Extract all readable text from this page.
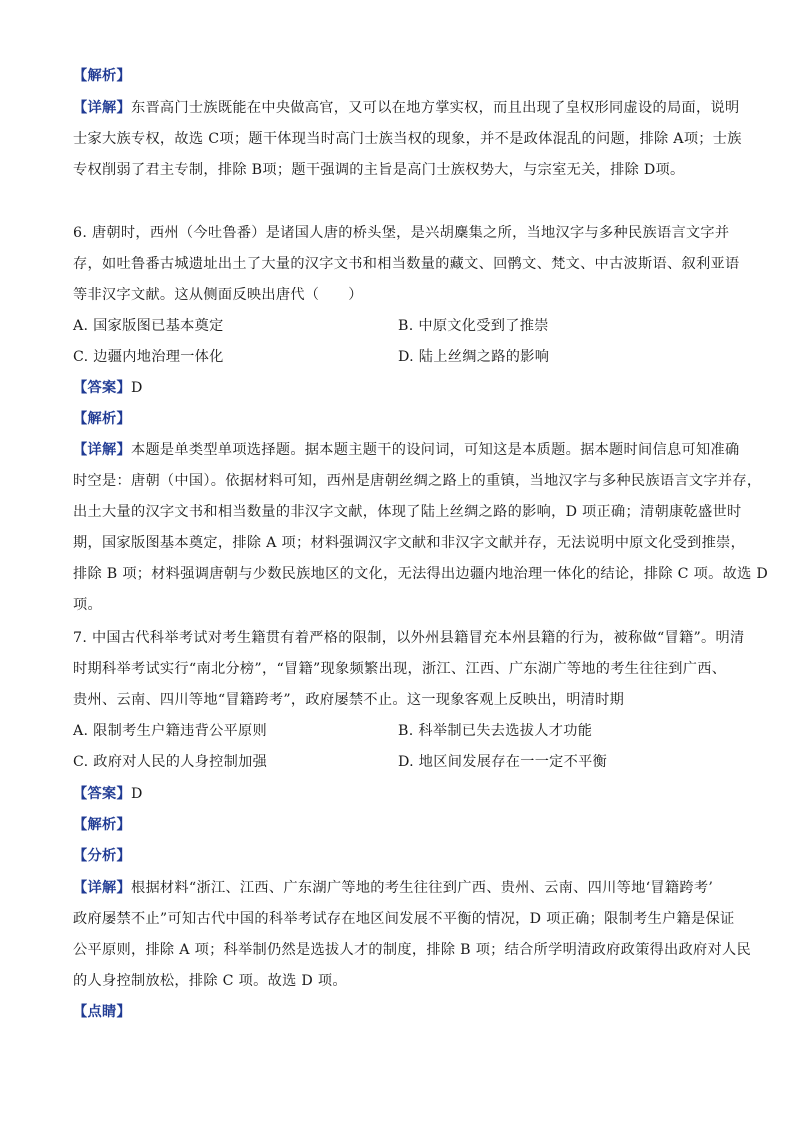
【解析】
【详解】东晋高门士族既能在中央做高官，又可以在地方掌实权，而且出现了皇权形同虚设的局面，说明
士家大族专权，故选 C项；题干体现当时高门士族当权的现象，并不是政体混乱的问题，排除 A项；士族
专权削弱了君主专制，排除 B项；题干强调的主旨是高门士族权势大，与宗室无关，排除 D项。
6. 唐朝时，西州（今吐鲁番）是诸国人唐的桥头堡，是兴胡麇集之所，当地汉字与多种民族语言文字并
存，如吐鲁番古城遗址出土了大量的汉字文书和相当数量的藏文、回鹘文、梵文、中古波斯语、叙利亚语
等非汉字文献。这从侧面反映出唐代（　　）
A. 国家版图已基本奠定	B. 中原文化受到了推崇
C. 边疆内地治理一体化	D. 陆上丝绸之路的影响
【答案】D
【解析】
【详解】本题是单类型单项选择题。据本题主题干的设问词，可知这是本质题。据本题时间信息可知准确
时空是：唐朝（中国）。依据材料可知，西州是唐朝丝绸之路上的重镇，当地汉字与多种民族语言文字并存，
出土大量的汉字文书和相当数量的非汉字文献，体现了陆上丝绸之路的影响，D 项正确；清朝康乾盛世时
期，国家版图基本奠定，排除 A 项；材料强调汉字文献和非汉字文献并存，无法说明中原文化受到推崇，
排除 B 项；材料强调唐朝与少数民族地区的文化，无法得出边疆内地治理一体化的结论，排除 C 项。故选 D
项。
7. 中国古代科举考试对考生籍贯有着严格的限制，以外州县籍冒充本州县籍的行为，被称做“冒籍”。明清
时期科举考试实行“南北分榜”，“冒籍”现象频繁出现，浙江、江西、广东湖广等地的考生往往到广西、
贵州、云南、四川等地“冒籍跨考”，政府屡禁不止。这一现象客观上反映出，明清时期
A. 限制考生户籍违背公平原则	B. 科举制已失去选拔人才功能
C. 政府对人民的人身控制加强	D. 地区间发展存在一一定不平衡
【答案】D
【解析】
【分析】
【详解】根据材料“浙江、江西、广东湖广等地的考生往往到广西、贵州、云南、四川等地‘冒籍跨考’
政府屡禁不止”可知古代中国的科举考试存在地区间发展不平衡的情况，D 项正确；限制考生户籍是保证
公平原则，排除 A 项；科举制仍然是选拔人才的制度，排除 B 项；结合所学明清政府政策得出政府对人民
的人身控制放松，排除 C 项。故选 D 项。
【点睛】
